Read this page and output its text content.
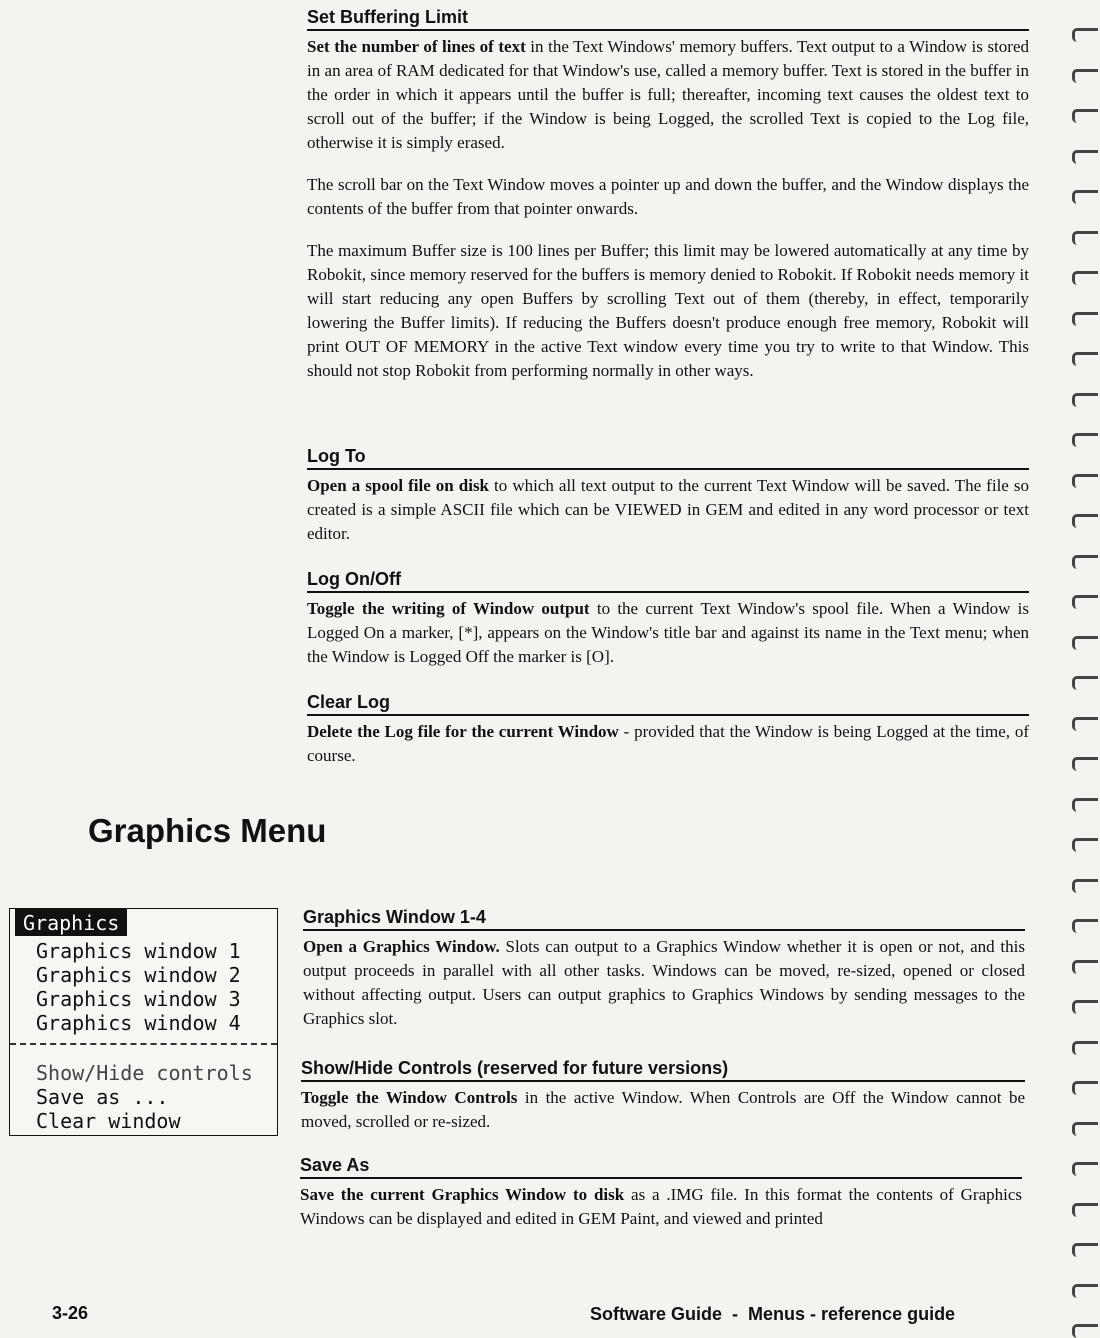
Set Buffering Limit

Set the number of lines of text in the Text Windows' memory buffers. Text output to a Window is stored in an area of RAM dedicated for that Window's use, called a memory buffer. Text is stored in the buffer in the order in which it appears until the buffer is full; thereafter, incoming text causes the oldest text to scroll out of the buffer; if the Window is being Logged, the scrolled Text is copied to the Log file, otherwise it is simply erased.

The scroll bar on the Text Window moves a pointer up and down the buffer, and the Window displays the contents of the buffer from that pointer onwards.

The maximum Buffer size is 100 lines per Buffer; this limit may be lowered automatically at any time by Robokit, since memory reserved for the buffers is memory denied to Robokit. If Robokit needs memory it will start reducing any open Buffers by scrolling Text out of them (thereby, in effect, temporarily lowering the Buffer limits). If reducing the Buffers doesn't produce enough free memory, Robokit will print OUT OF MEMORY in the active Text window every time you try to write to that Window. This should not stop Robokit from performing normally in other ways.

Log To

Open a spool file on disk to which all text output to the current Text Window will be saved. The file so created is a simple ASCII file which can be VIEWED in GEM and edited in any word processor or text editor.

Log On/Off

Toggle the writing of Window output to the current Text Window's spool file. When a Window is Logged On a marker, [*], appears on the Window's title bar and against its name in the Text menu; when the Window is Logged Off the marker is [O].

Clear Log

Delete the Log file for the current Window - provided that the Window is being Logged at the time, of course.

Graphics Menu
Graphics
Graphics window 1
Graphics window 2
Graphics window 3
Graphics window 4
Show/Hide controls
Save as ...
Clear window
Graphics Window 1-4

Open a Graphics Window. Slots can output to a Graphics Window whether it is open or not, and this output proceeds in parallel with all other tasks. Windows can be moved, re-sized, opened or closed without affecting output. Users can output graphics to Graphics Windows by sending messages to the Graphics slot.

Show/Hide Controls (reserved for future versions)

Toggle the Window Controls in the active Window. When Controls are Off the Window cannot be moved, scrolled or re-sized.

Save As

Save the current Graphics Window to disk as a .IMG file. In this format the contents of Graphics Windows can be displayed and edited in GEM Paint, and viewed and printed

3-26	Software Guide  -  Menus - reference guide
